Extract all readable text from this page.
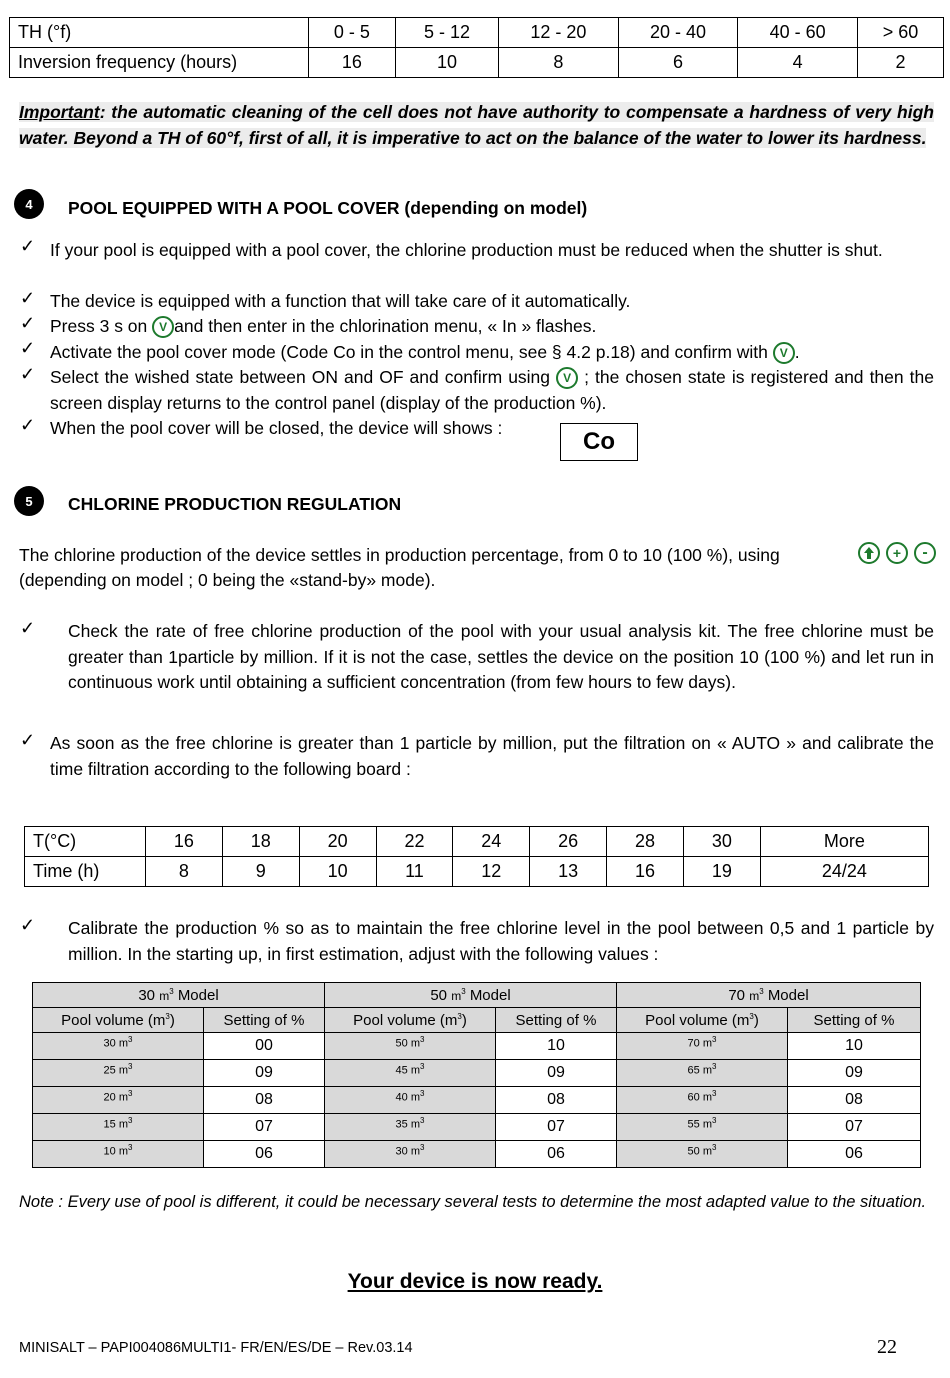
TH (°f)	0 - 5	5 - 12	12 - 20	20 - 40	40 - 60	> 60
Inversion frequency (hours)	16	10	8	6	4	2
Important: the automatic cleaning of the cell does not have authority to compensate a hardness of very high water. Beyond a TH of 60°f, first of all, it is imperative to act on the balance of the water to lower its hardness.
4	POOL EQUIPPED WITH A POOL COVER (depending on model)
✓ If your pool is equipped with a pool cover, the chlorine production must be reduced when the shutter is shut.
✓ The device is equipped with a function that will take care of it automatically.
✓ Press 3 s on V and then enter in the chlorination menu, « In » flashes.
✓ Activate the pool cover mode (Code Co in the control menu, see § 4.2 p.18) and confirm with V .
✓ Select the wished state between ON and OF and confirm using V ; the chosen state is registered and then the screen display returns to the control panel (display of the production %).
✓ When the pool cover will be closed, the device will shows :	Co
5	CHLORINE PRODUCTION REGULATION
The chlorine production of the device settles in production percentage, from 0 to 10 (100 %), using	+	-
(depending on model ; 0 being the «stand-by» mode).
✓ Check the rate of free chlorine production of the pool with your usual analysis kit. The free chlorine must be greater than 1particle by million. If it is not the case, settles the device on the position 10 (100 %) and let run in continuous work until obtaining a sufficient concentration (from few hours to few days).
✓ As soon as the free chlorine is greater than 1 particle by million, put the filtration on « AUTO » and calibrate the time filtration according to the following board :
T(°C)	16	18	20	22	24	26	28	30	More
Time (h)	8	9	10	11	12	13	16	19	24/24
✓ Calibrate the production % so as to maintain the free chlorine level in the pool between 0,5 and 1 particle by million. In the starting up, in first estimation, adjust with the following values :
30 $m^3$ Model		50 $m^3$ Model		70 $m^3$ Model	
Pool volume $(m^3)$	Setting of %	Pool volume $(m^3)$	Setting of %	Pool volume $(m^3)$	Setting of %
30 $m^3$	00	50 $m^3$	10	70 $m^3$	10
25 $m^3$	09	45 $m^3$	09	65 $m^3$	09
20 $m^3$	08	40 $m^3$	08	60 $m^3$	08
15 $m^3$	07	35 $m^3$	07	55 $m^3$	07
10 $m^3$	06	30 $m^3$	06	50 $m^3$	06
Note : Every use of pool is different, it could be necessary several tests to determine the most adapted value to the situation.
Your device is now ready.
MINISALT – PAPI004086MULTI1- FR/EN/ES/DE – Rev.03.14	22
